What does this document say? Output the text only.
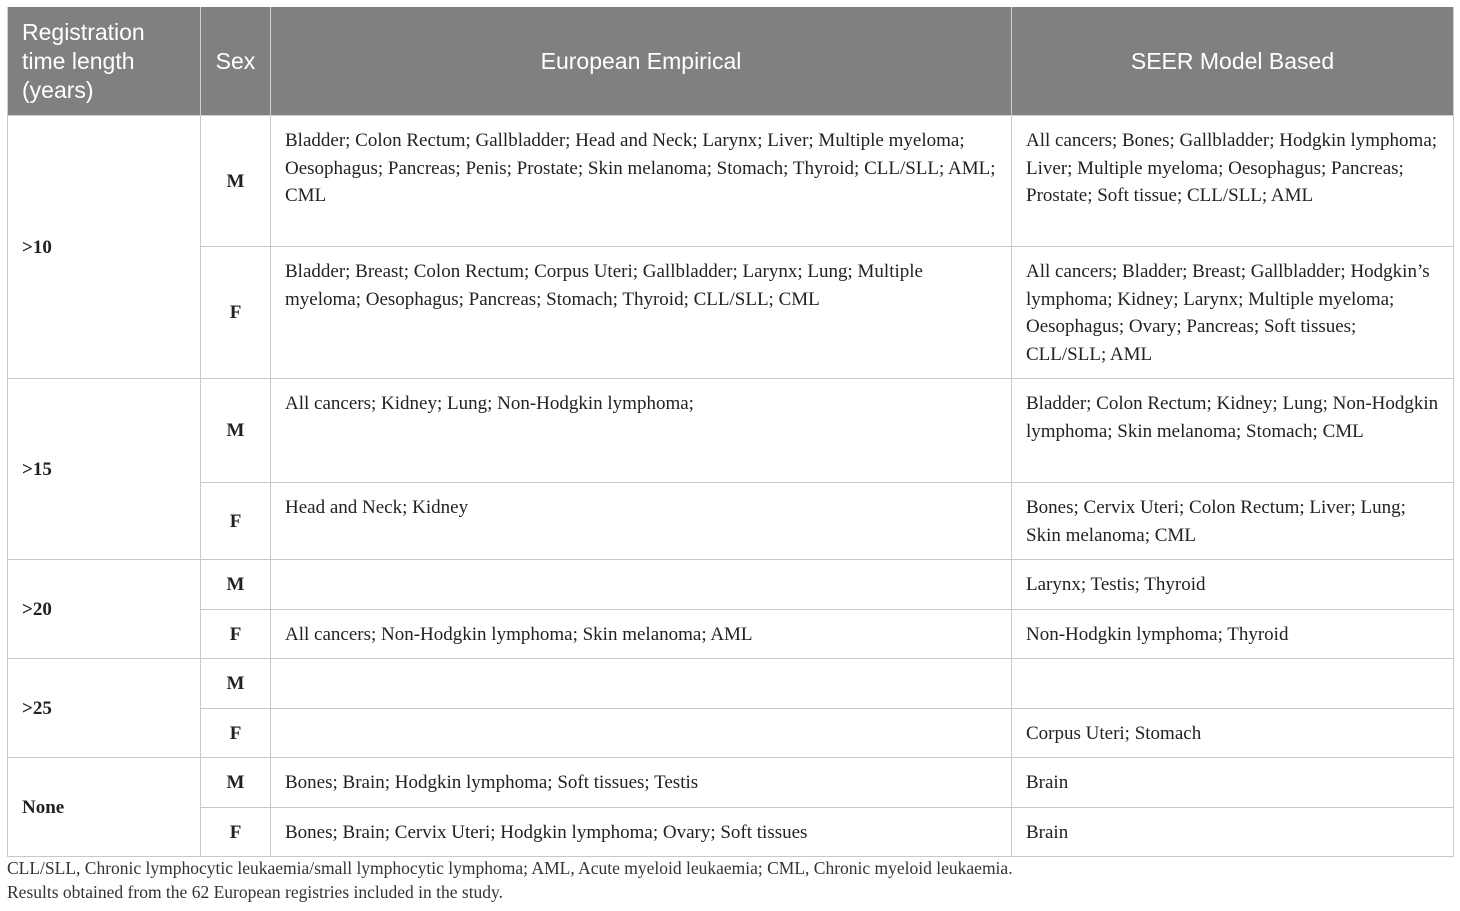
Registration time length (years)	Sex	European Empirical	SEER Model Based
>10	M	Bladder; Colon Rectum; Gallbladder; Head and Neck; Larynx; Liver; Multiple myeloma; Oesophagus; Pancreas; Penis; Prostate; Skin melanoma; Stomach; Thyroid; CLL/SLL; AML; CML	All cancers; Bones; Gallbladder; Hodgkin lymphoma; Liver; Multiple myeloma; Oesophagus; Pancreas; Prostate; Soft tissue; CLL/SLL; AML
	F	Bladder; Breast; Colon Rectum; Corpus Uteri; Gallbladder; Larynx; Lung; Multiple myeloma; Oesophagus; Pancreas; Stomach; Thyroid; CLL/SLL; CML	All cancers; Bladder; Breast; Gallbladder; Hodgkin’s lymphoma; Kidney; Larynx; Multiple myeloma; Oesophagus; Ovary; Pancreas; Soft tissues; CLL/SLL; AML
>15	M	All cancers; Kidney; Lung; Non-Hodgkin lymphoma;	Bladder; Colon Rectum; Kidney; Lung; Non-Hodgkin lymphoma; Skin melanoma; Stomach; CML
	F	Head and Neck; Kidney	Bones; Cervix Uteri; Colon Rectum; Liver; Lung; Skin melanoma; CML
>20	M		Larynx; Testis; Thyroid
	F	All cancers; Non-Hodgkin lymphoma; Skin melanoma; AML	Non-Hodgkin lymphoma; Thyroid
>25	M		
	F		Corpus Uteri; Stomach
None	M	Bones; Brain; Hodgkin lymphoma; Soft tissues; Testis	Brain
	F	Bones; Brain; Cervix Uteri; Hodgkin lymphoma; Ovary; Soft tissues	Brain

CLL/SLL, Chronic lymphocytic leukaemia/small lymphocytic lymphoma; AML, Acute myeloid leukaemia; CML, Chronic myeloid leukaemia.

Results obtained from the 62 European registries included in the study.
